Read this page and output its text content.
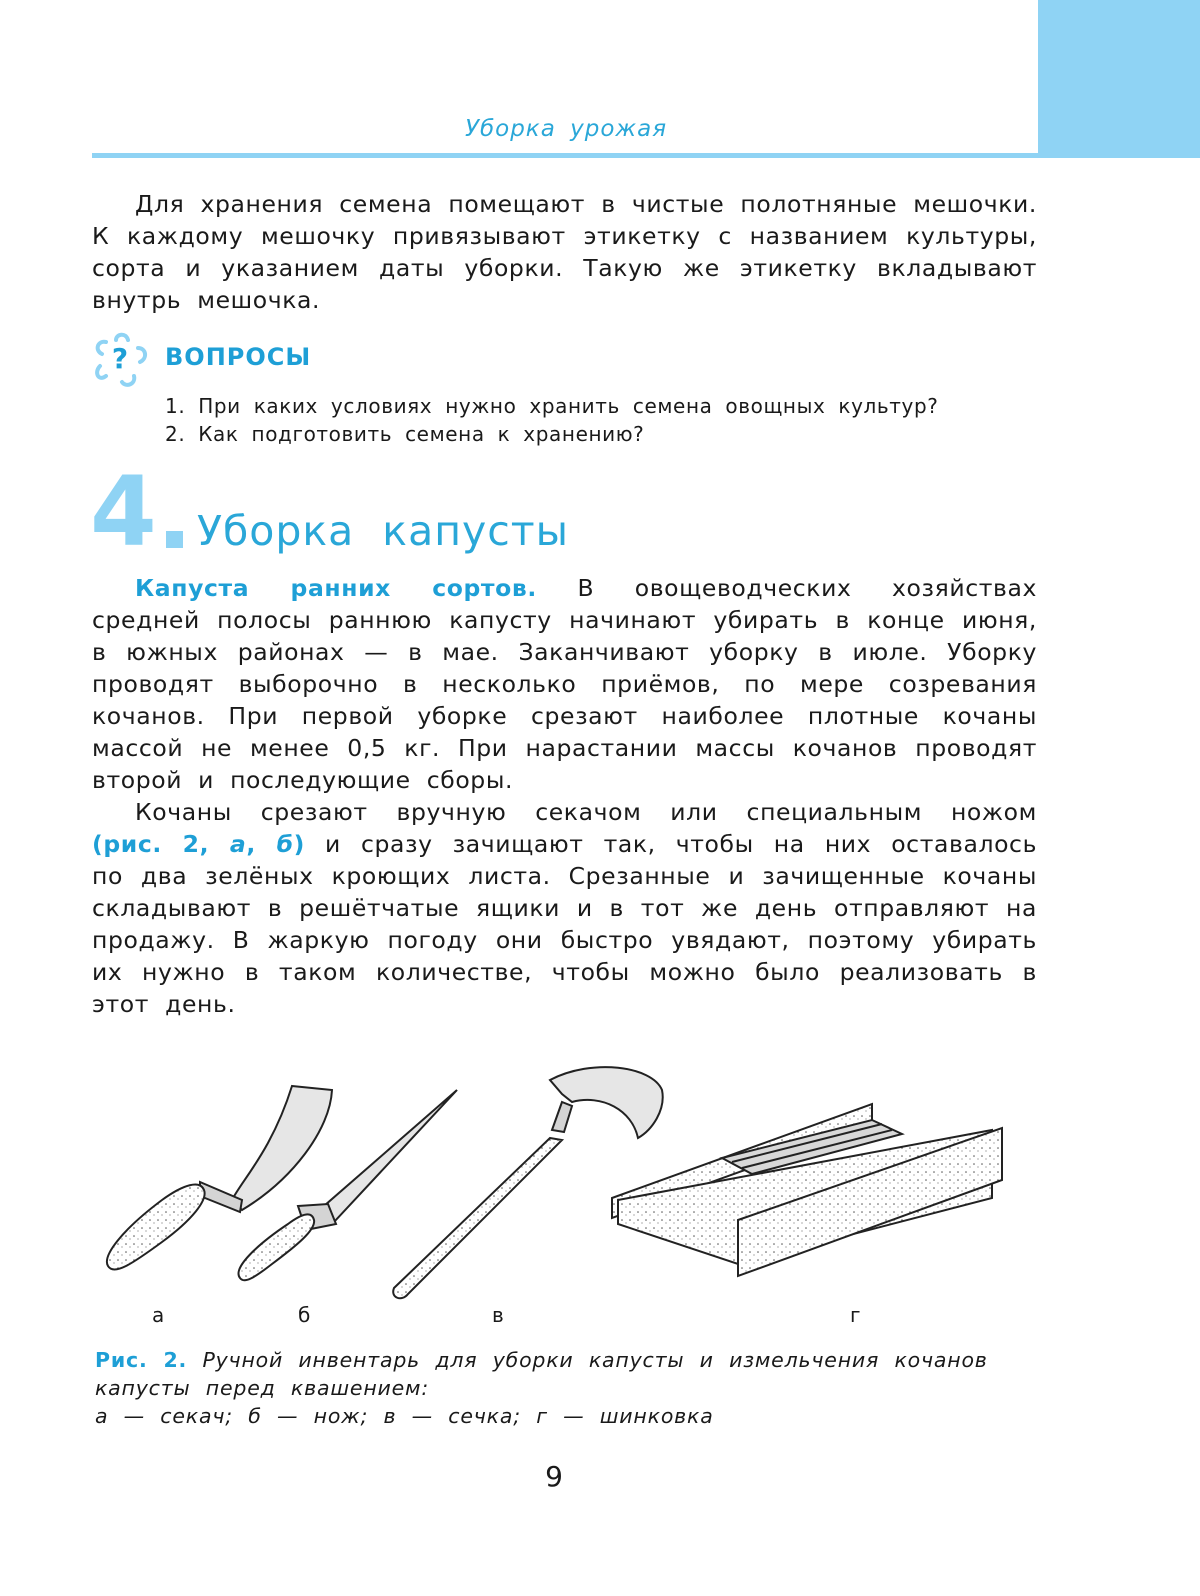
Уборка урожая

Для хранения семена помещают в чистые полотняные мешочки. К каждому мешочку привязывают этикетку с названием культуры, сорта и указанием даты уборки. Такую же этикетку вкладывают внутрь мешочка.

? ВОПРОСЫ
1. При каких условиях нужно хранить семена овощных культур?
2. Как подготовить семена к хранению?
4 Уборка капусты

Капуста ранних сортов. В овощеводческих хозяйствах средней полосы раннюю капусту начинают убирать в конце июня, в южных районах — в мае. Заканчивают уборку в июле. Уборку проводят выборочно в несколько приёмов, по мере созревания кочанов. При первой уборке срезают наиболее плотные кочаны массой не менее 0,5 кг. При нарастании массы кочанов проводят второй и последующие сборы.

Кочаны срезают вручную секачом или специальным ножом (рис. 2, а, б) и сразу зачищают так, чтобы на них оставалось по два зелёных кроющих листа. Срезанные и зачищенные кочаны складывают в решётчатые ящики и в тот же день отправляют на продажу. В жаркую погоду они быстро увядают, поэтому убирать их нужно в таком количестве, чтобы можно было реализовать в этот день.

а	б	в	г

Рис. 2. Ручной инвентарь для уборки капусты и измельчения кочанов капусты перед квашением:
а — секач; б — нож; в — сечка; г — шинковка

9
